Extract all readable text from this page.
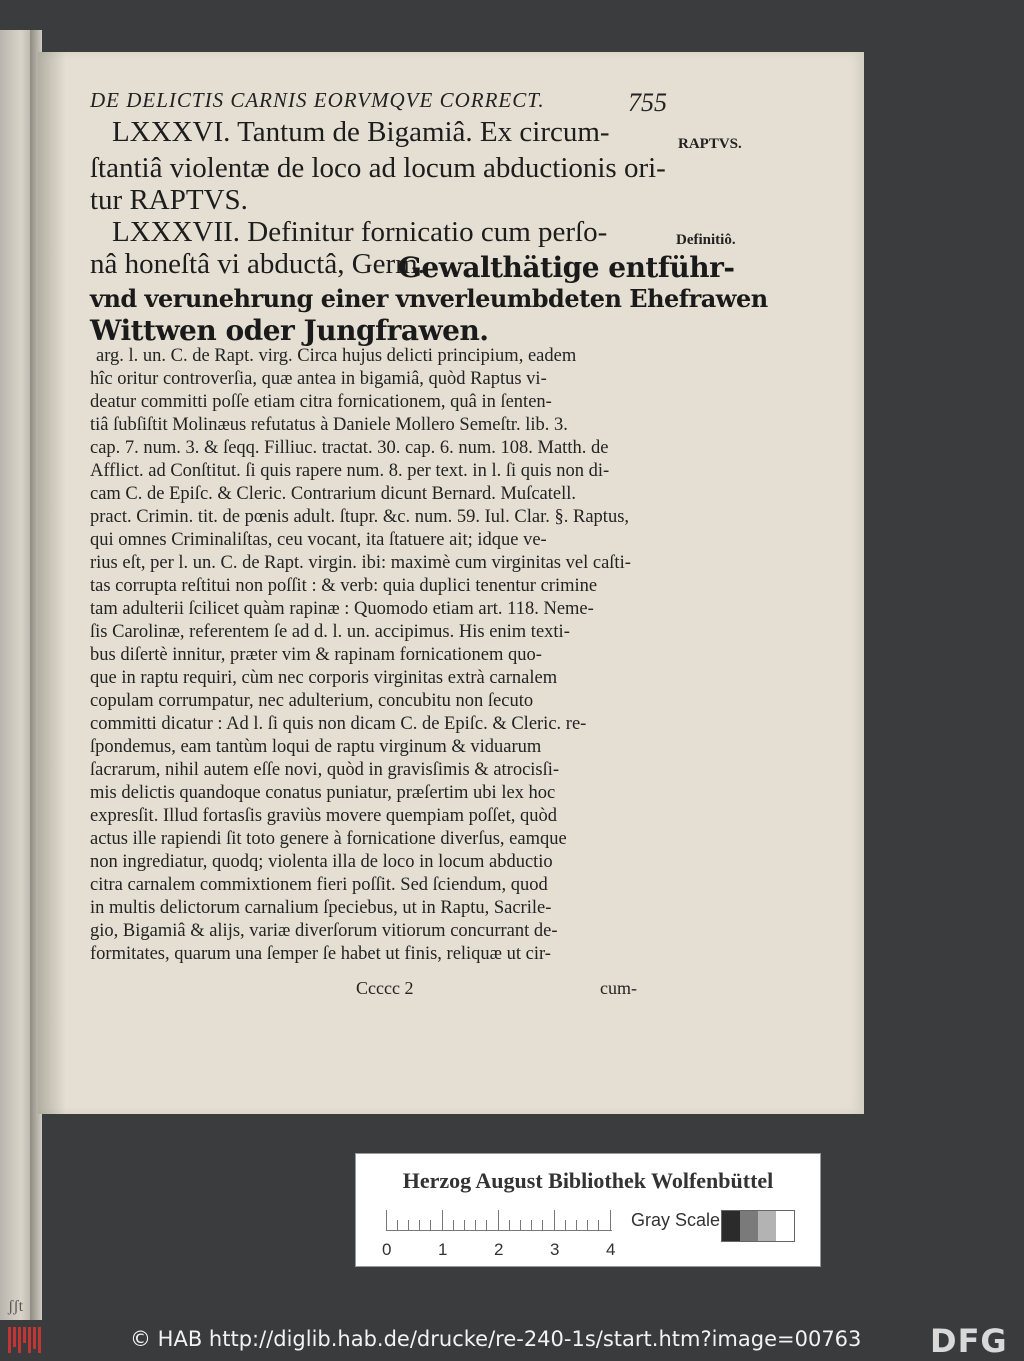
ʃʃt
DE DELICTIS CARNIS EORVMQVE CORRECT.	755
LXXXVI. Tantum de Bigamiâ. Ex circum-
ſtantiâ violentæ de loco ad locum abductionis ori-
tur RAPTVS.
LXXXVII. Definitur fornicatio cum perſo-
nâ honeſtâ vi abductâ, Germ.
Gewalthätige entführ-
vnd verunehrung einer vnverleumbdeten Ehefrawen
Wittwen oder Jungfrawen.
RAPTVS.
Definitiô.
arg. l. un. C. de Rapt. virg. Circa hujus delicti principium, eadem
hîc oritur controverſia, quæ antea in bigamiâ, quòd Raptus vi-
deatur committi poſſe etiam citra fornicationem, quâ in ſenten-
tiâ ſubſiſtit Molinæus refutatus à Daniele Mollero Semeſtr. lib. 3.
cap. 7. num. 3. & ſeqq. Filliuc. tractat. 30. cap. 6. num. 108. Matth. de
Afflict. ad Conſtitut. ſi quis rapere num. 8. per text. in l. ſi quis non di-
cam C. de Epiſc. & Cleric. Contrarium dicunt Bernard. Muſcatell.
pract. Crimin. tit. de pœnis adult. ſtupr. &c. num. 59. Iul. Clar. §. Raptus,
qui omnes Criminaliſtas, ceu vocant, ita ſtatuere ait; idque ve-
rius eſt, per l. un. C. de Rapt. virgin. ibi: maximè cum virginitas vel caſti-
tas corrupta reſtitui non poſſit : & verb: quia duplici tenentur crimine
tam adulterii ſcilicet quàm rapinæ : Quomodo etiam art. 118. Neme-
ſis Carolinæ, referentem ſe ad d. l. un. accipimus. His enim texti-
bus diſertè innitur, præter vim & rapinam fornicationem quo-
que in raptu requiri, cùm nec corporis virginitas extrà carnalem
copulam corrumpatur, nec adulterium, concubitu non ſecuto
committi dicatur : Ad l. ſi quis non dicam C. de Epiſc. & Cleric. re-
ſpondemus, eam tantùm loqui de raptu virginum & viduarum
ſacrarum, nihil autem eſſe novi, quòd in gravisſimis & atrocisſi-
mis delictis quandoque conatus puniatur, præſertim ubi lex hoc
expresſit. Illud fortasſis graviùs movere quempiam poſſet, quòd
actus ille rapiendi ſit toto genere à fornicatione diverſus, eamque
non ingrediatur, quodq; violenta illa de loco in locum abductio
citra carnalem commixtionem fieri poſſit. Sed ſciendum, quod
in multis delictorum carnalium ſpeciebus, ut in Raptu, Sacrile-
gio, Bigamiâ & alijs, variæ diverſorum vitiorum concurrant de-
formitates, quarum una ſemper ſe habet ut finis, reliquæ ut cir-
Ccccc 2	cum-
Herzog August Bibliothek Wolfenbüttel
0	1	2	3	4
Gray Scale
© HAB http://diglib.hab.de/drucke/re-240-1s/start.htm?image=00763 DFG
